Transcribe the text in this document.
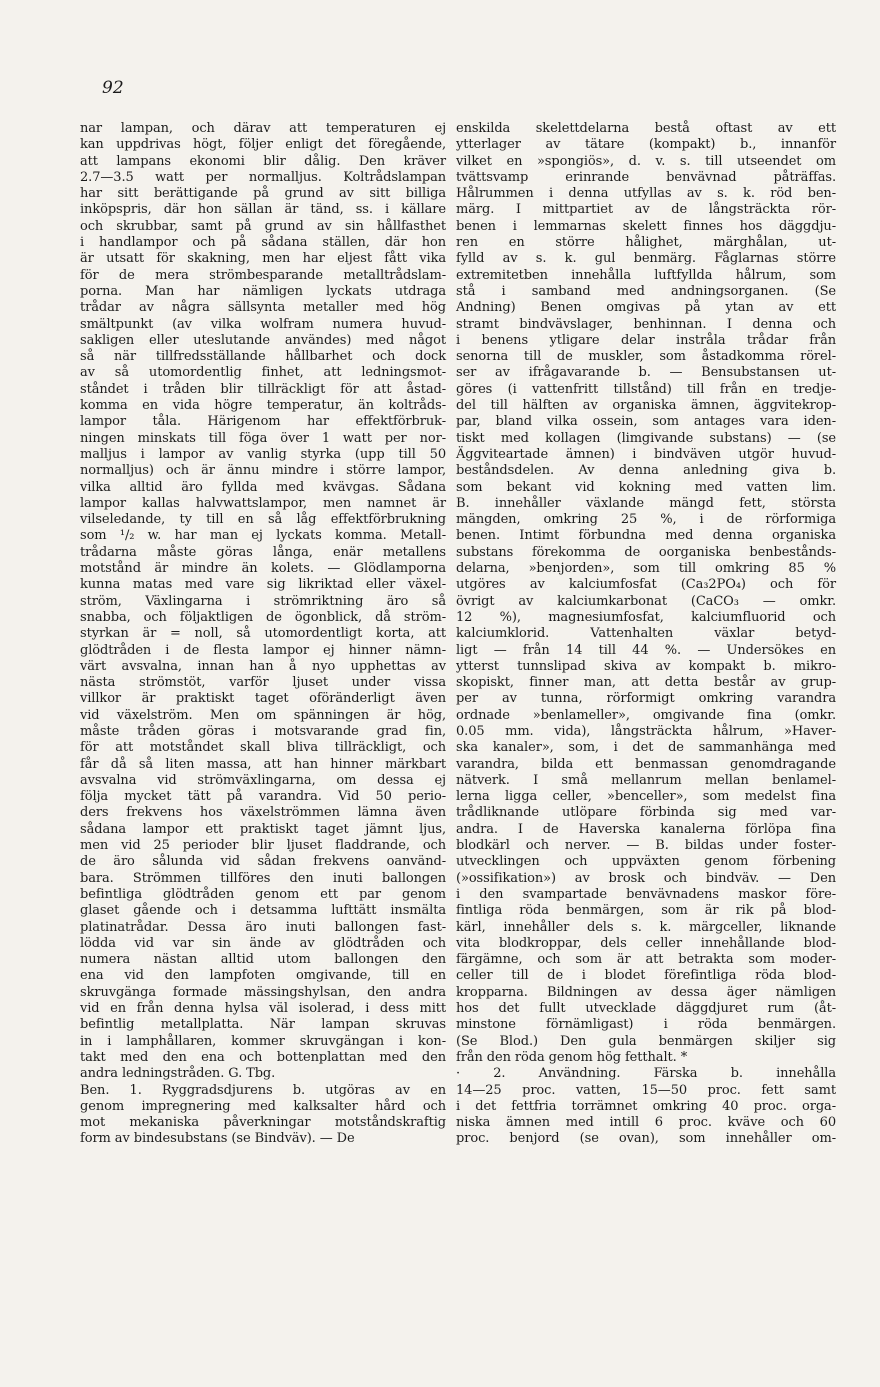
92
nar lampan, och därav att temperaturen ej
kan uppdrivas högt, följer enligt det föregående,
att lampans ekonomi blir dålig. Den kräver
2.7—3.5 watt per normalljus. Koltrådslampan
har sitt berättigande på grund av sitt billiga
inköpspris, där hon sällan är tänd, ss. i källare
och skrubbar, samt på grund av sin hållfasthet
i handlampor och på sådana ställen, där hon
är utsatt för skakning, men har eljest fått vika
för de mera strömbesparande metalltrådslam-
porna. Man har nämligen lyckats utdraga
trådar av några sällsynta metaller med hög
smältpunkt (av vilka wolfram numera huvud-
sakligen eller uteslutande användes) med något
så när tillfredsställande hållbarhet och dock
av så utomordentlig finhet, att ledningsmot-
ståndet i tråden blir tillräckligt för att åstad-
komma en vida högre temperatur, än koltråds-
lampor tåla. Härigenom har effektförbruk-
ningen minskats till föga över 1 watt per nor-
malljus i lampor av vanlig styrka (upp till 50
normalljus) och är ännu mindre i större lampor,
vilka alltid äro fyllda med kvävgas. Sådana
lampor kallas halvwattslampor, men namnet är
vilseledande, ty till en så låg effektförbrukning
som ¹/₂ w. har man ej lyckats komma. Metall-
trådarna måste göras långa, enär metallens
motstånd är mindre än kolets. — Glödlamporna
kunna matas med vare sig likriktad eller växel-
ström, Växlingarna i strömriktning äro så
snabba, och följaktligen de ögonblick, då ström-
styrkan är = noll, så utomordentligt korta, att
glödtråden i de flesta lampor ej hinner nämn-
värt avsvalna, innan han å nyo upphettas av
nästa strömstöt, varför ljuset under vissa
villkor är praktiskt taget oföränderligt även
vid växelström. Men om spänningen är hög,
måste tråden göras i motsvarande grad fin,
för att motståndet skall bliva tillräckligt, och
får då så liten massa, att han hinner märkbart
avsvalna vid strömväxlingarna, om dessa ej
följa mycket tätt på varandra. Vid 50 perio-
ders frekvens hos växelströmmen lämna även
sådana lampor ett praktiskt taget jämnt ljus,
men vid 25 perioder blir ljuset fladdrande, och
de äro sålunda vid sådan frekvens oanvänd-
bara. Strömmen tillföres den inuti ballongen
befintliga glödtråden genom ett par genom
glaset gående och i detsamma lufttätt insmälta
platinatrådar. Dessa äro inuti ballongen fast-
lödda vid var sin ände av glödtråden och
numera nästan alltid utom ballongen den
ena vid den lampfoten omgivande, till en
skruvgänga formade mässingshylsan, den andra
vid en från denna hylsa väl isolerad, i dess mitt
befintlig metallplatta. När lampan skruvas
in i lamphållaren, kommer skruvgängan i kon-
takt med den ena och bottenplattan med den
andra ledningstråden. G. Tbg.
Ben. 1. Ryggradsdjurens b. utgöras av en
genom impregnering med kalksalter hård och
mot mekaniska påverkningar motståndskraftig
form av bindesubstans (se Bindväv). — De
enskilda skelettdelarna bestå oftast av ett
ytterlager av tätare (kompakt) b., innanför
vilket en »spongiös», d. v. s. till utseendet om
tvättsvamp erinrande benvävnad påträffas.
Hålrummen i denna utfyllas av s. k. röd ben-
märg. I mittpartiet av de långsträckta rör-
benen i lemmarnas skelett finnes hos däggdju-
ren en större hålighet, märghålan, ut-
fylld av s. k. gul benmärg. Fåglarnas större
extremitetben innehålla luftfyllda hålrum, som
stå i samband med andningsorganen. (Se
Andning) Benen omgivas på ytan av ett
stramt bindvävslager, benhinnan. I denna och
i benens ytligare delar instråla trådar från
senorna till de muskler, som åstadkomma rörel-
ser av ifrågavarande b. — Bensubstansen ut-
göres (i vattenfritt tillstånd) till från en tredje-
del till hälften av organiska ämnen, äggvitekrop-
par, bland vilka ossein, som antages vara iden-
tiskt med kollagen (limgivande substans) — (se
Äggviteartade ämnen) i bindväven utgör huvud-
beståndsdelen. Av denna anledning giva b.
som bekant vid kokning med vatten lim.
B. innehåller växlande mängd fett, största
mängden, omkring 25 %, i de rörformiga
benen. Intimt förbundna med denna organiska
substans förekomma de oorganiska benbestånds-
delarna, »benjorden», som till omkring 85 %
utgöres av kalciumfosfat (Ca₃2PO₄) och för
övrigt av kalciumkarbonat (CaCO₃ — omkr.
12 %), magnesiumfosfat, kalciumfluorid och
kalciumklorid. Vattenhalten växlar betyd-
ligt — från 14 till 44 %. — Undersökes en
ytterst tunnslipad skiva av kompakt b. mikro-
skopiskt, finner man, att detta består av grup-
per av tunna, rörformigt omkring varandra
ordnade »benlameller», omgivande fina (omkr.
0.05 mm. vida), långsträckta hålrum, »Haver-
ska kanaler», som, i det de sammanhänga med
varandra, bilda ett benmassan genomdragande
nätverk. I små mellanrum mellan benlamel-
lerna ligga celler, »benceller», som medelst fina
trådliknande utlöpare förbinda sig med var-
andra. I de Haverska kanalerna förlöpa fina
blodkärl och nerver. — B. bildas under foster-
utvecklingen och uppväxten genom förbening
(»ossifikation») av brosk och bindväv. — Den
i den svampartade benvävnadens maskor före-
fintliga röda benmärgen, som är rik på blod-
kärl, innehåller dels s. k. märgceller, liknande
vita blodkroppar, dels celler innehållande blod-
färgämne, och som är att betrakta som moder-
celler till de i blodet förefintliga röda blod-
kropparna. Bildningen av dessa äger nämligen
hos det fullt utvecklade däggdjuret rum (åt-
minstone förnämligast) i röda benmärgen.
(Se Blod.) Den gula benmärgen skiljer sig
från den röda genom hög fetthalt. *
· 2. Användning. Färska b. innehålla
14—25 proc. vatten, 15—50 proc. fett samt
i det fettfria torrämnet omkring 40 proc. orga-
niska ämnen med intill 6 proc. kväve och 60
proc. benjord (se ovan), som innehåller om-
